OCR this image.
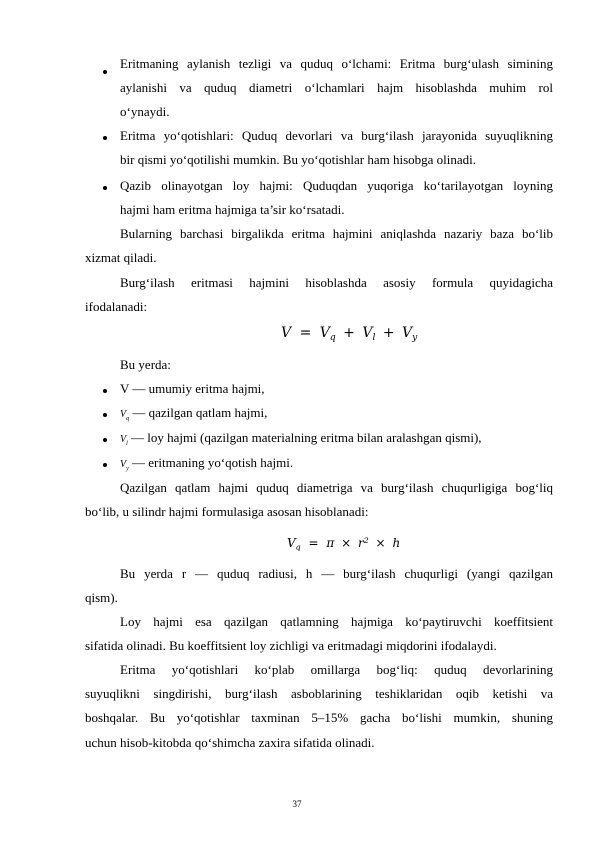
Eritmaning aylanish tezligi va quduq o‘lchami: Eritma burg‘ulash simining
aylanishi va quduq diametri o‘lchamlari hajm hisoblashda muhim rol
o‘ynaydi.
Eritma yo‘qotishlari: Quduq devorlari va burg‘ilash jarayonida suyuqlikning
bir qismi yo‘qotilishi mumkin. Bu yo‘qotishlar ham hisobga olinadi.
Qazib olinayotgan loy hajmi: Quduqdan yuqoriga ko‘tarilayotgan loyning
hajmi ham eritma hajmiga ta’sir ko‘rsatadi.
Bularning barchasi birgalikda eritma hajmini aniqlashda nazariy baza bo‘lib
xizmat qiladi.
Burg‘ilash eritmasi hajmini hisoblashda asosiy formula quyidagicha
ifodalanadi:
$V = V_q + V_l + V_y$
Bu yerda:
V — umumiy eritma hajmi,
$V_q$ — qazilgan qatlam hajmi,
$V_l$ — loy hajmi (qazilgan materialning eritma bilan aralashgan qismi),
$V_y$ — eritmaning yo‘qotish hajmi.
Qazilgan qatlam hajmi quduq diametriga va burg‘ilash chuqurligiga bog‘liq
bo‘lib, u silindr hajmi formulasiga asosan hisoblanadi:
$V_q = \pi \times r^2 \times h$
Bu yerda r — quduq radiusi, h — burg‘ilash chuqurligi (yangi qazilgan
qism).
Loy hajmi esa qazilgan qatlamning hajmiga ko‘paytiruvchi koeffitsient
sifatida olinadi. Bu koeffitsient loy zichligi va eritmadagi miqdorini ifodalaydi.
Eritma yo‘qotishlari ko‘plab omillarga bog‘liq: quduq devorlarining
suyuqlikni singdirishi, burg‘ilash asboblarining teshiklaridan oqib ketishi va
boshqalar. Bu yo‘qotishlar taxminan 5–15% gacha bo‘lishi mumkin, shuning
uchun hisob-kitobda qo‘shimcha zaxira sifatida olinadi.
37
